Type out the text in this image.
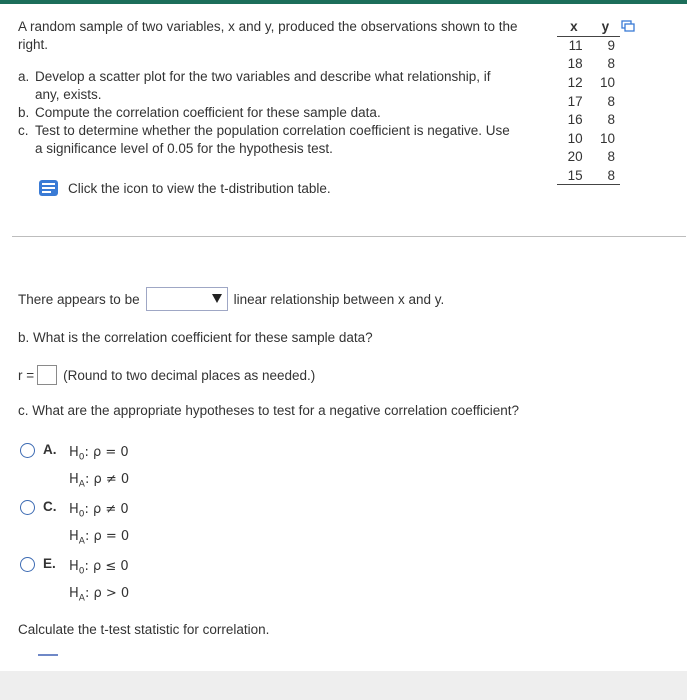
A random sample of two variables, x and y, produced the observations shown to the right.
a. Develop a scatter plot for the two variables and describe what relationship, if any, exists.
b. Compute the correlation coefficient for these sample data.
c. Test to determine whether the population correlation coefficient is negative. Use a significance level of 0.05 for the hypothesis test.
x	y
11	9
18	8
12	10
17	8
16	8
10	10
20	8
15	8

Click the icon to view the t-distribution table.
There appears to be	linear relationship between x and y.
b. What is the correlation coefficient for these sample data?
r = (Round to two decimal places as needed.)
c. What are the appropriate hypotheses to test for a negative correlation coefficient?
A. $H_0$: ρ = 0
$H_A$: ρ ≠ 0
C. $H_0$: ρ ≠ 0
$H_A$: ρ = 0
E.	$H_0$: ρ ≤ 0
$H_A$: ρ > 0
Calculate the t-test statistic for correlation.
